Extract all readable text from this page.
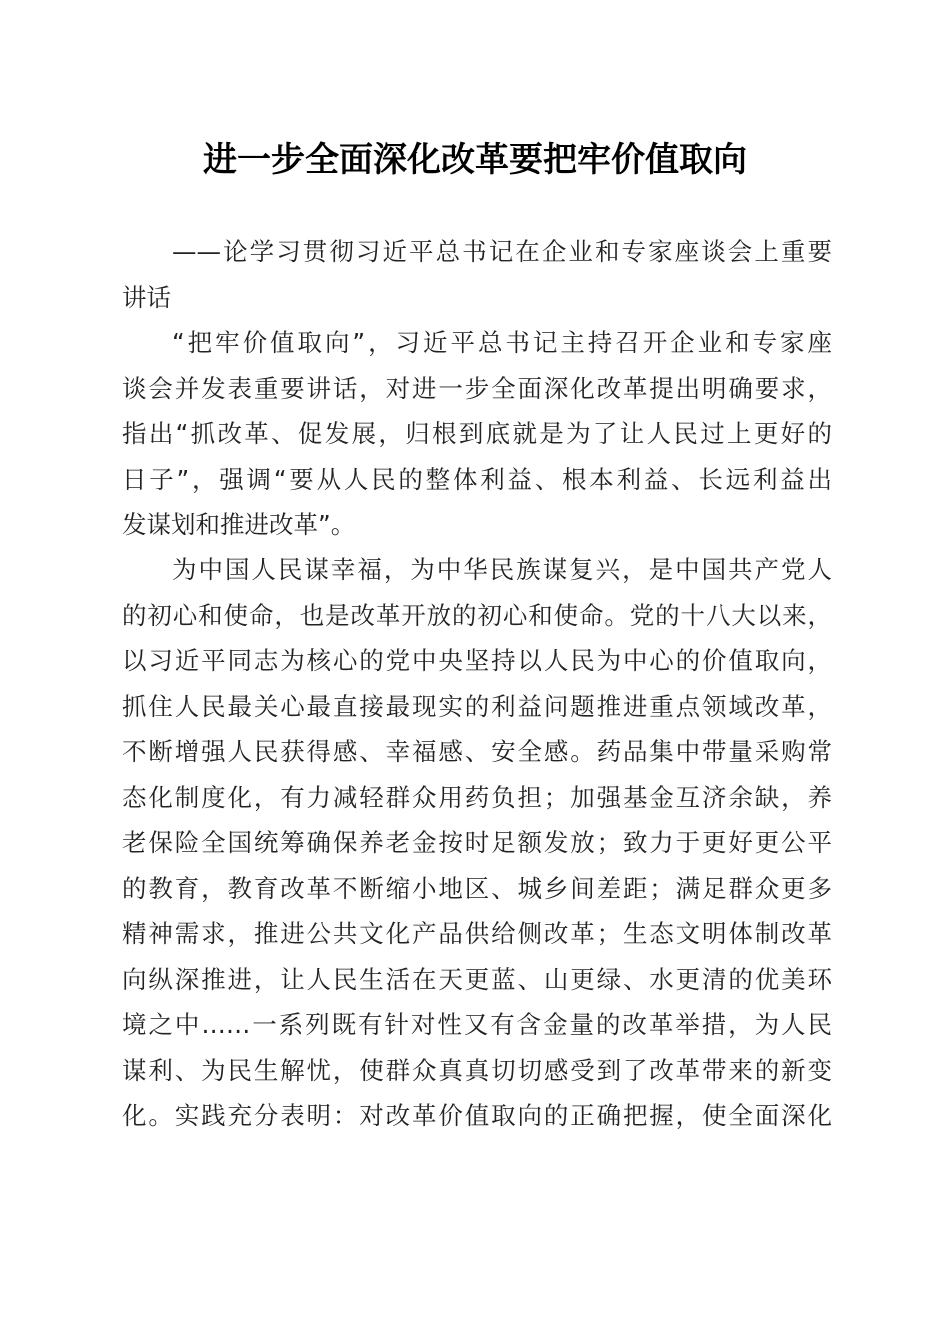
进一步全面深化改革要把牢价值取向
——论学习贯彻习近平总书记在企业和专家座谈会上重要
讲话
“把牢价值取向”，习近平总书记主持召开企业和专家座
谈会并发表重要讲话，对进一步全面深化改革提出明确要求，
指出“抓改革、促发展，归根到底就是为了让人民过上更好的
日子”，强调“要从人民的整体利益、根本利益、长远利益出
发谋划和推进改革”。
为中国人民谋幸福，为中华民族谋复兴，是中国共产党人
的初心和使命，也是改革开放的初心和使命。党的十八大以来，
以习近平同志为核心的党中央坚持以人民为中心的价值取向，
抓住人民最关心最直接最现实的利益问题推进重点领域改革，
不断增强人民获得感、幸福感、安全感。药品集中带量采购常
态化制度化，有力减轻群众用药负担；加强基金互济余缺，养
老保险全国统筹确保养老金按时足额发放；致力于更好更公平
的教育，教育改革不断缩小地区、城乡间差距；满足群众更多
精神需求，推进公共文化产品供给侧改革；生态文明体制改革
向纵深推进，让人民生活在天更蓝、山更绿、水更清的优美环
境之中……一系列既有针对性又有含金量的改革举措，为人民
谋利、为民生解忧，使群众真真切切感受到了改革带来的新变
化。实践充分表明：对改革价值取向的正确把握，使全面深化
